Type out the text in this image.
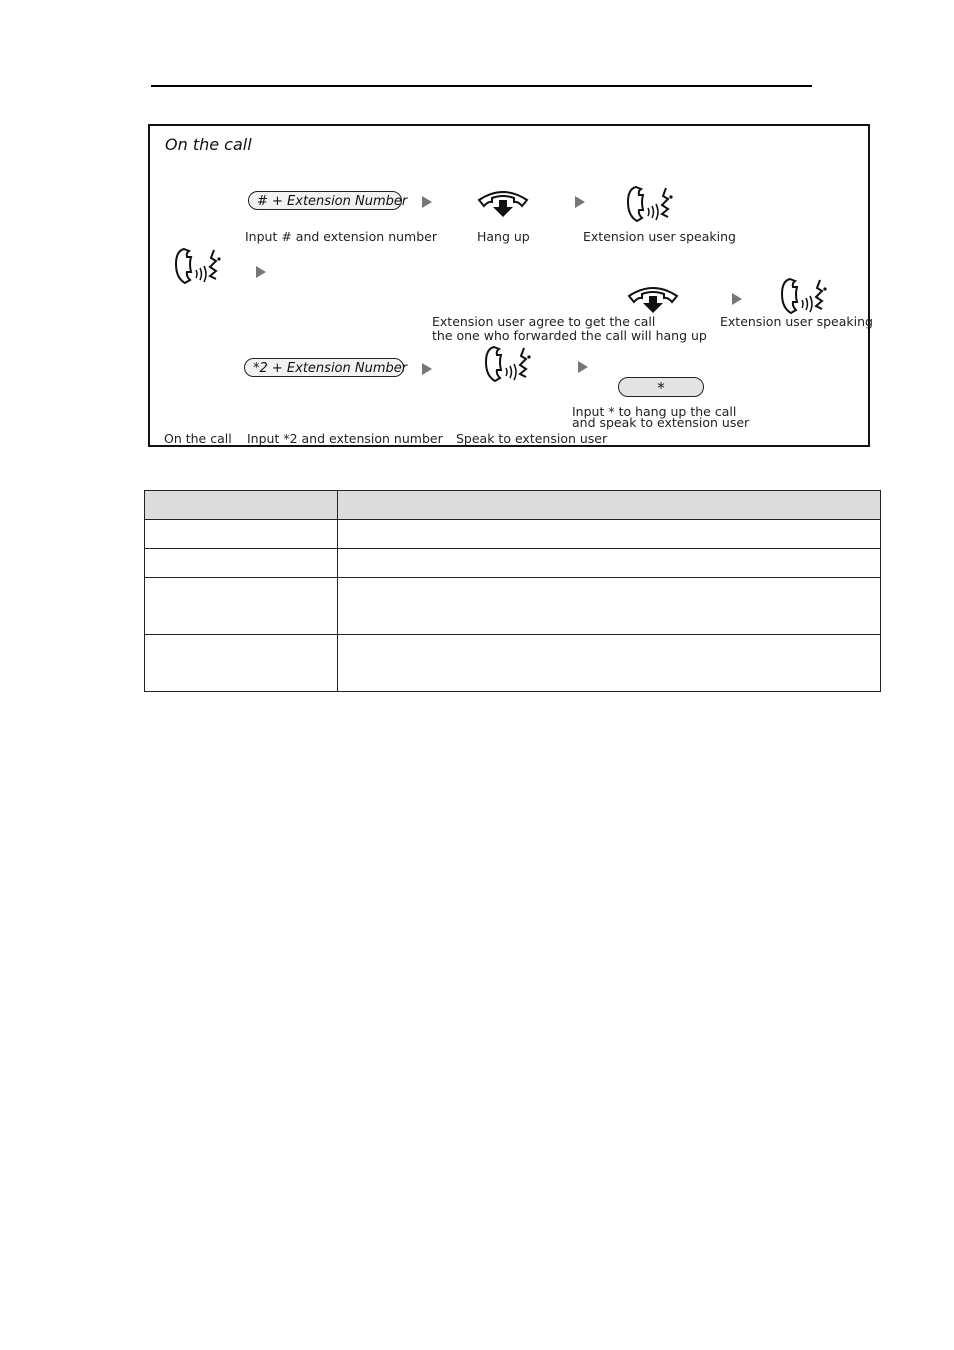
On the call
# + Extension Number
Input # and extension number	Hang up	Extension user speaking
Extension user agree to get the call
the one who forwarded the call will hang up
Extension user speaking
*2 + Extension Number
*
Input * to hang up the call
and speak to extension user
On the call Input *2 and extension number Speak to extension user
